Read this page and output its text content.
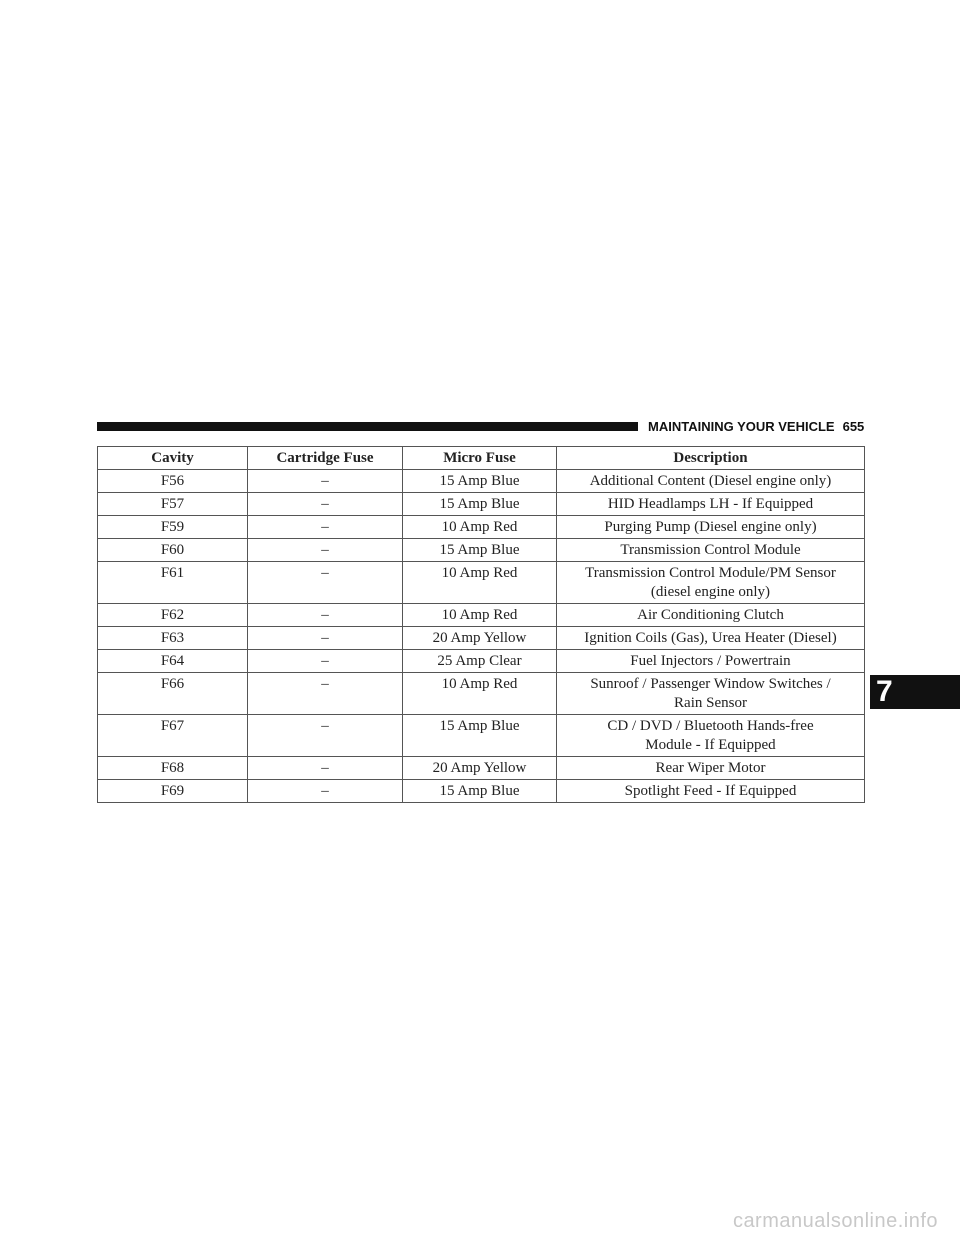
MAINTAINING YOUR VEHICLE 655
Cavity	Cartridge Fuse	Micro Fuse	Description
F56	–	15 Amp Blue	Additional Content (Diesel engine only)

F57	–	15 Amp Blue	HID Headlamps LH - If Equipped

F59	–	10 Amp Red	Purging Pump (Diesel engine only)

F60	–	15 Amp Blue	Transmission Control Module

F61	–	10 Amp Red	Transmission Control Module/PM Sensor
(diesel engine only)

F62	–	10 Amp Red	Air Conditioning Clutch

F63	–	20 Amp Yellow	Ignition Coils (Gas), Urea Heater (Diesel)

F64	–	25 Amp Clear	Fuel Injectors / Powertrain

F66	–	10 Amp Red	Sunroof / Passenger Window Switches /
Rain Sensor

F67	–	15 Amp Blue	CD / DVD / Bluetooth Hands-free
Module - If Equipped

F68	–	20 Amp Yellow	Rear Wiper Motor

F69	–	15 Amp Blue	Spotlight Feed - If Equipped
7
carmanualsonline.info
